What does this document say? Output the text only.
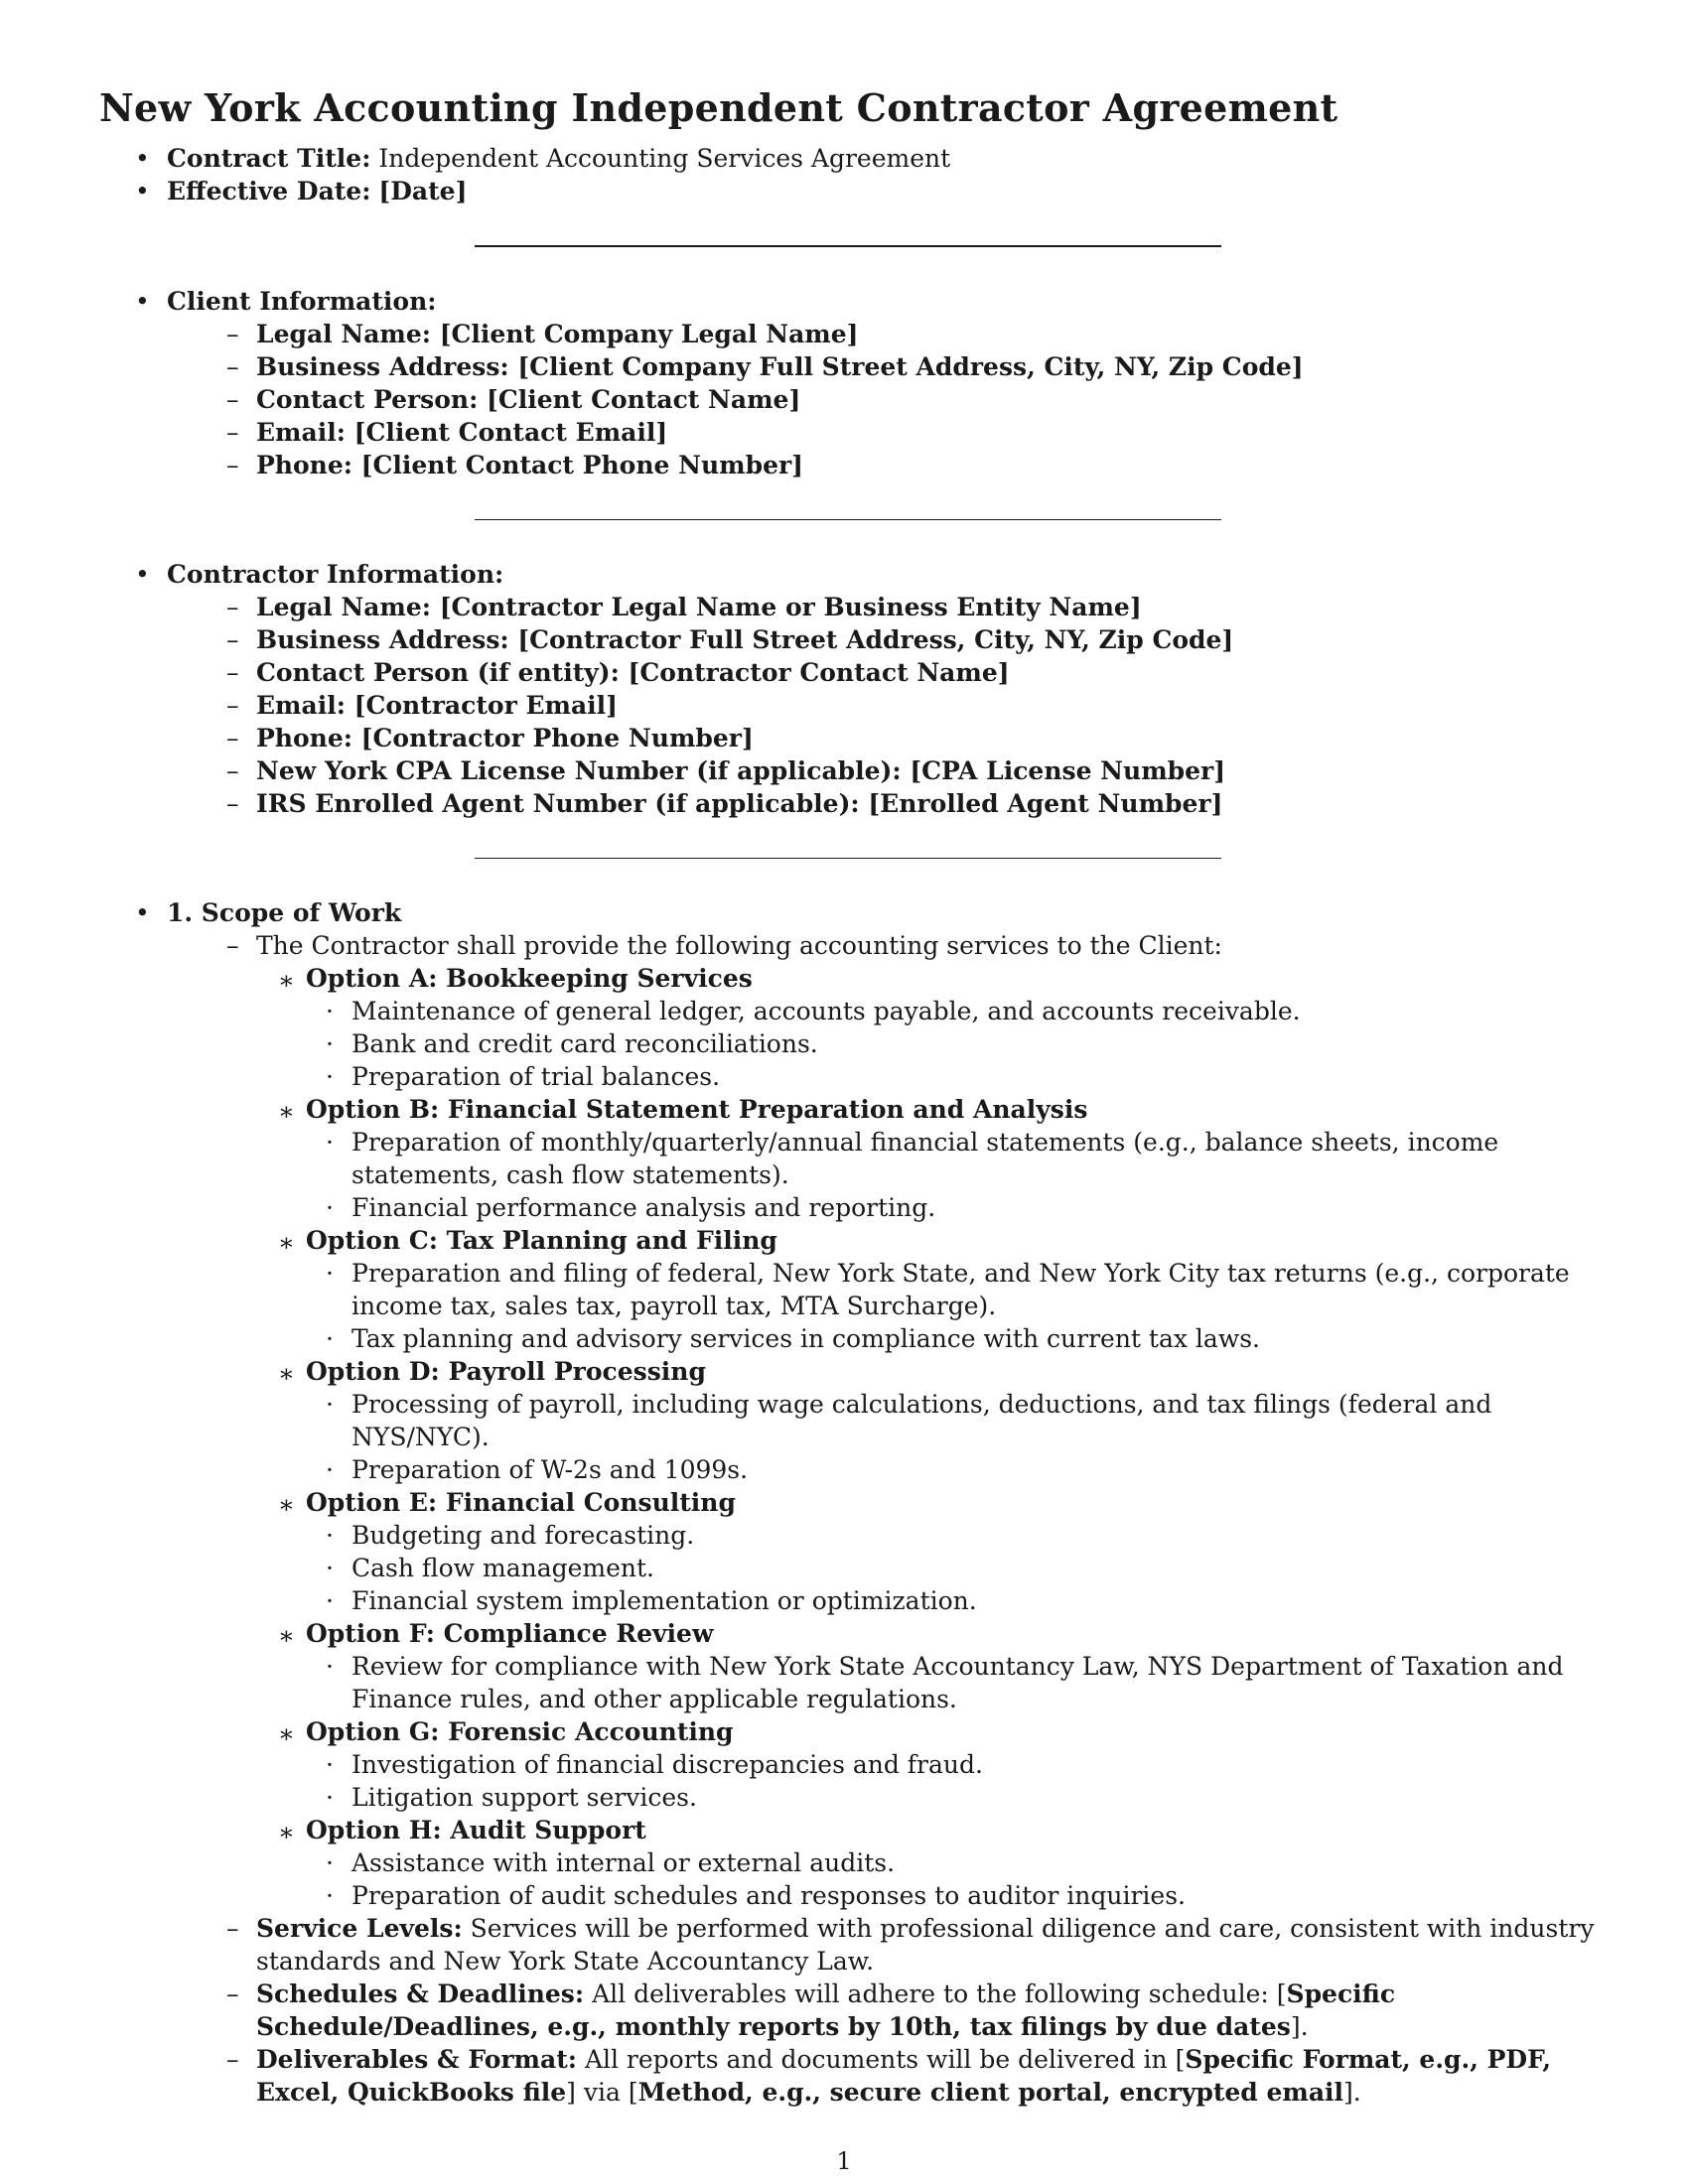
New York Accounting Independent Contractor Agreement
• Contract Title: Independent Accounting Services Agreement
• Effective Date: [Date]
• Client Information:
– Legal Name: [Client Company Legal Name]
– Business Address: [Client Company Full Street Address, City, NY, Zip Code]
– Contact Person: [Client Contact Name]
– Email: [Client Contact Email]
– Phone: [Client Contact Phone Number]
• Contractor Information:
– Legal Name: [Contractor Legal Name or Business Entity Name]
– Business Address: [Contractor Full Street Address, City, NY, Zip Code]
– Contact Person (if entity): [Contractor Contact Name]
– Email: [Contractor Email]
– Phone: [Contractor Phone Number]
– New York CPA License Number (if applicable): [CPA License Number]
– IRS Enrolled Agent Number (if applicable): [Enrolled Agent Number]
• 1. Scope of Work
– The Contractor shall provide the following accounting services to the Client:
∗ Option A: Bookkeeping Services
· Maintenance of general ledger, accounts payable, and accounts receivable.
· Bank and credit card reconciliations.
· Preparation of trial balances.
∗ Option B: Financial Statement Preparation and Analysis
· Preparation of monthly/quarterly/annual financial statements (e.g., balance sheets, income statements, cash flow statements).
· Financial performance analysis and reporting.
∗ Option C: Tax Planning and Filing
· Preparation and filing of federal, New York State, and New York City tax returns (e.g., corporate income tax, sales tax, payroll tax, MTA Surcharge).
· Tax planning and advisory services in compliance with current tax laws.
∗ Option D: Payroll Processing
· Processing of payroll, including wage calculations, deductions, and tax filings (federal and NYS/NYC).
· Preparation of W-2s and 1099s.
∗ Option E: Financial Consulting
· Budgeting and forecasting.
· Cash flow management.
· Financial system implementation or optimization.
∗ Option F: Compliance Review
· Review for compliance with New York State Accountancy Law, NYS Department of Taxation and Finance rules, and other applicable regulations.
∗ Option G: Forensic Accounting
· Investigation of financial discrepancies and fraud.
· Litigation support services.
∗ Option H: Audit Support
· Assistance with internal or external audits.
· Preparation of audit schedules and responses to auditor inquiries.
– Service Levels: Services will be performed with professional diligence and care, consistent with industry standards and New York State Accountancy Law.
– Schedules & Deadlines: All deliverables will adhere to the following schedule: [Specific Schedule/Deadlines, e.g., monthly reports by 10th, tax filings by due dates].
– Deliverables & Format: All reports and documents will be delivered in [Specific Format, e.g., PDF, Excel, QuickBooks file] via [Method, e.g., secure client portal, encrypted email].
1
